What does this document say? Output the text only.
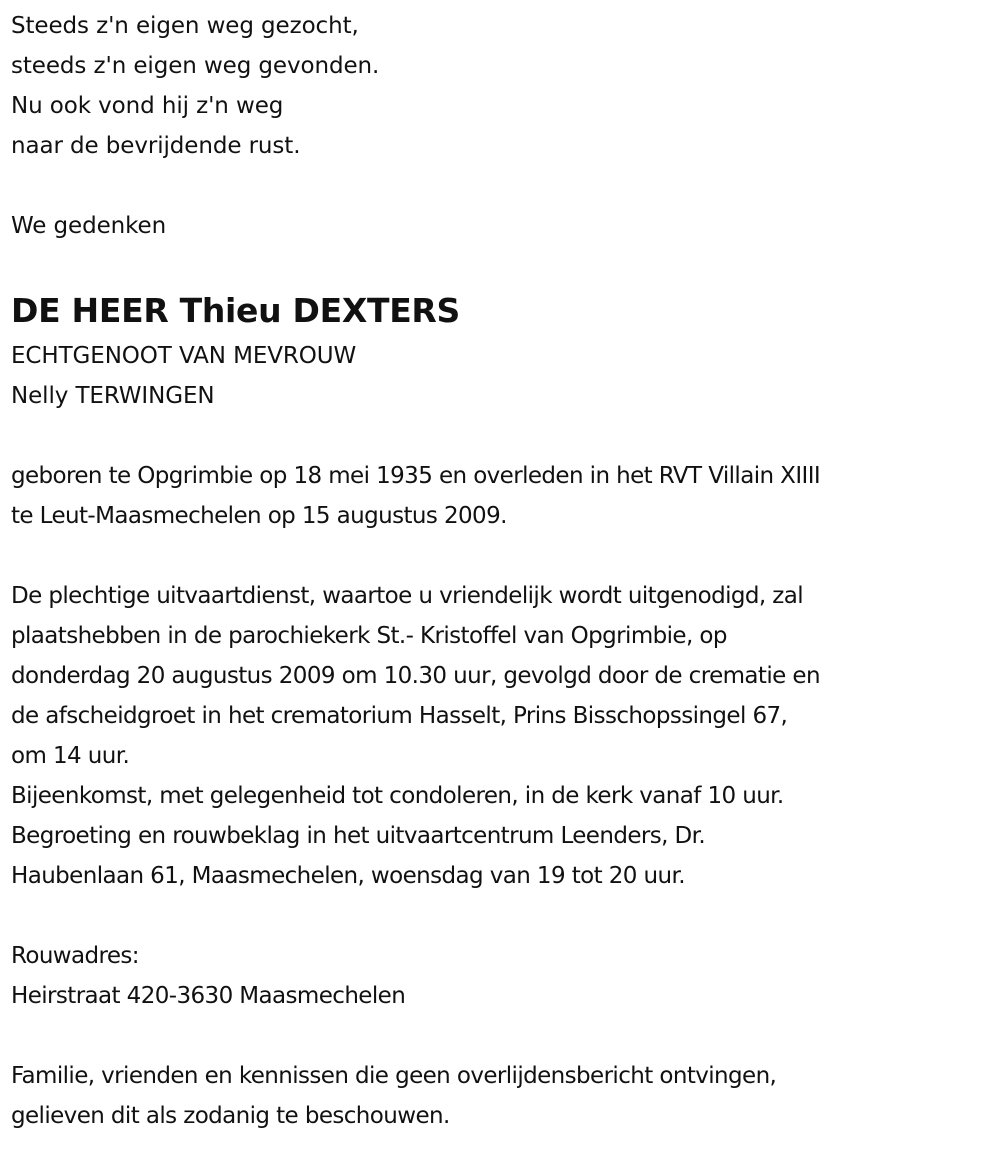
Steeds z'n eigen weg gezocht,
steeds z'n eigen weg gevonden.
Nu ook vond hij z'n weg
naar de bevrijdende rust.
We gedenken
DE HEER Thieu DEXTERS
ECHTGENOOT VAN MEVROUW
Nelly TERWINGEN
geboren te Opgrimbie op 18 mei 1935 en overleden in het RVT Villain XIIII
te Leut-Maasmechelen op 15 augustus 2009.
De plechtige uitvaartdienst, waartoe u vriendelijk wordt uitgenodigd, zal
plaatshebben in de parochiekerk St.- Kristoffel van Opgrimbie, op
donderdag 20 augustus 2009 om 10.30 uur, gevolgd door de crematie en
de afscheidgroet in het crematorium Hasselt, Prins Bisschopssingel 67,
om 14 uur.
Bijeenkomst, met gelegenheid tot condoleren, in de kerk vanaf 10 uur.
Begroeting en rouwbeklag in het uitvaartcentrum Leenders, Dr.
Haubenlaan 61, Maasmechelen, woensdag van 19 tot 20 uur.
Rouwadres:
Heirstraat 420-3630 Maasmechelen
Familie, vrienden en kennissen die geen overlijdensbericht ontvingen,
gelieven dit als zodanig te beschouwen.
